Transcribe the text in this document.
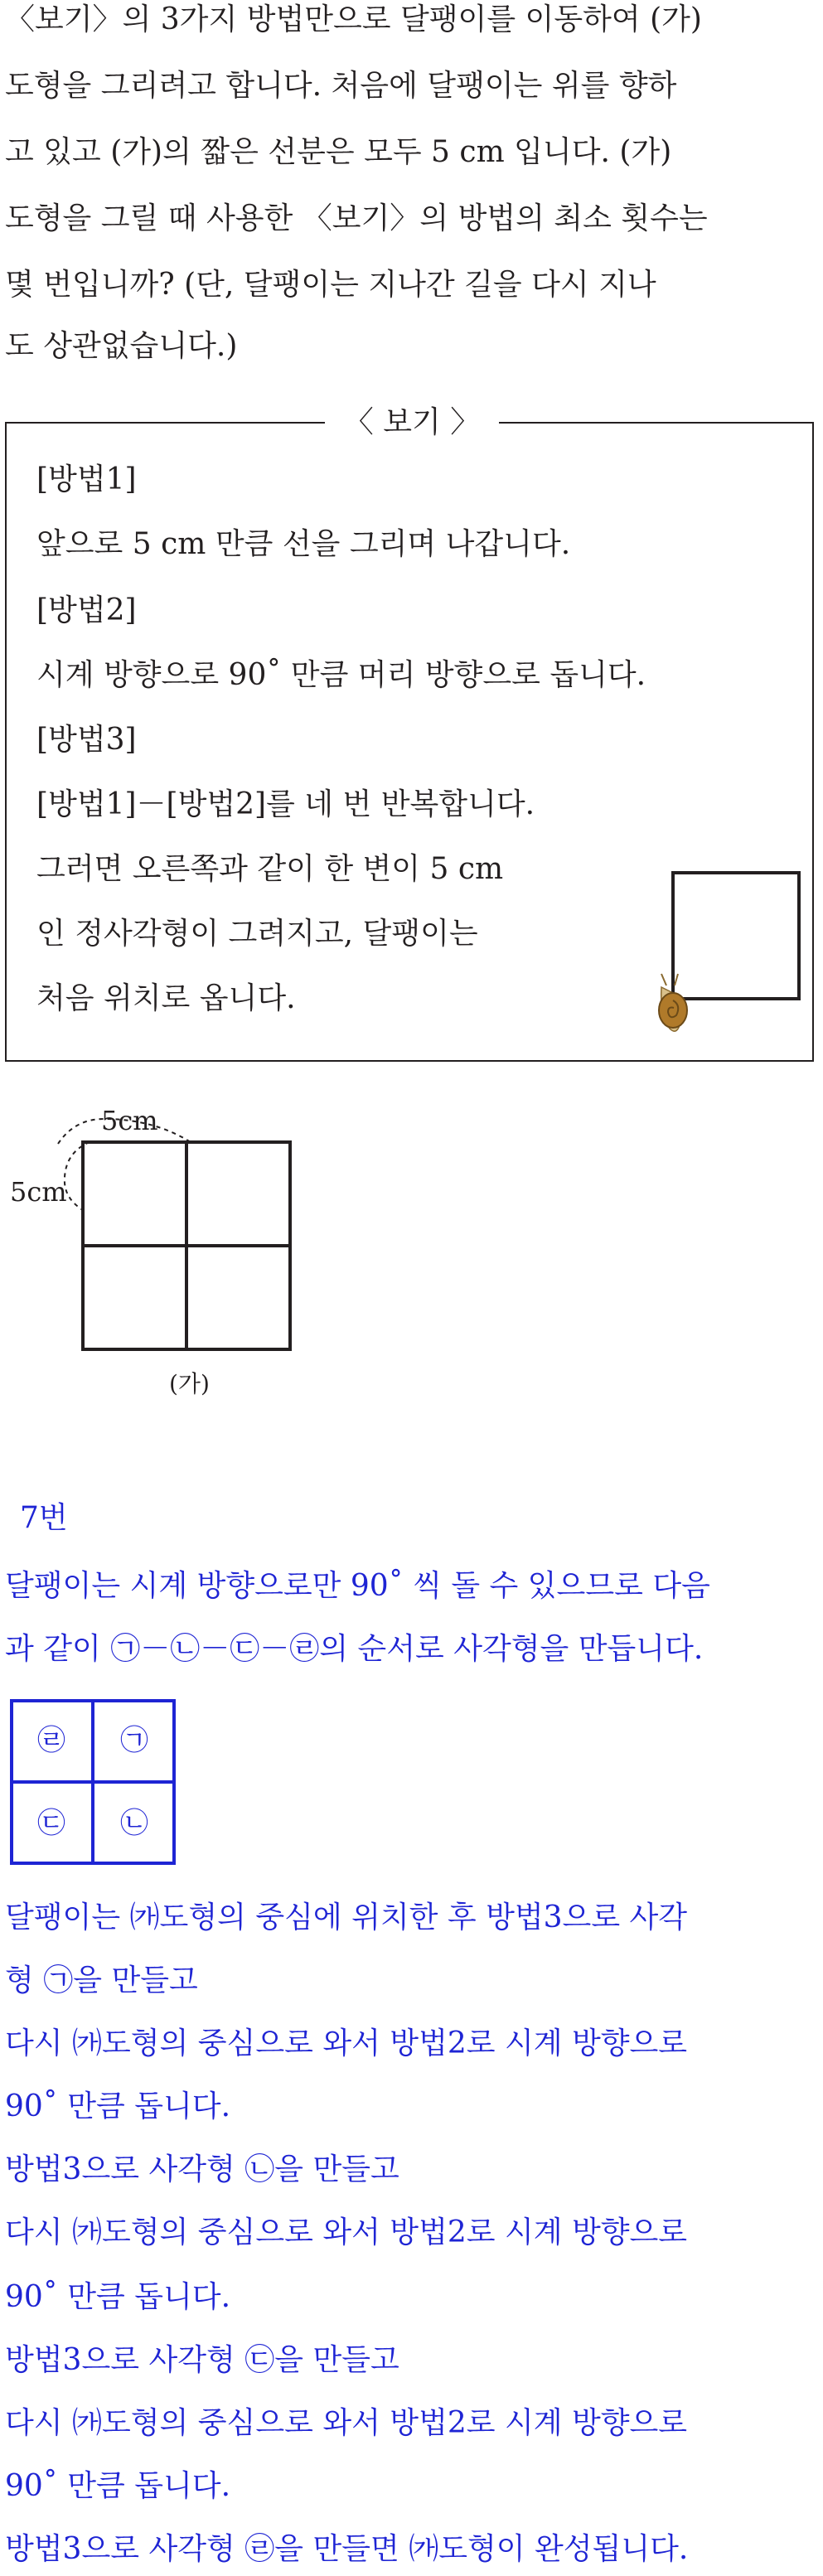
〈보기〉의 3가지 방법만으로 달팽이를 이동하여 (가)
도형을 그리려고 합니다. 처음에 달팽이는 위를 향하
고 있고 (가)의 짧은 선분은 모두 5 cm 입니다. (가)
도형을 그릴 때 사용한 〈보기〉의 방법의 최소 횟수는
몇 번입니까? (단, 달팽이는 지나간 길을 다시 지나
도 상관없습니다.)
[방법1]
앞으로 5 cm 만큼 선을 그리며 나갑니다.
[방법2]
시계 방향으로 90˚ 만큼 머리 방향으로 돕니다.
[방법3]
[방법1]－[방법2]를 네 번 반복합니다.
그러면 오른쪽과 같이 한 변이 5 cm
인 정사각형이 그려지고, 달팽이는
처음 위치로 옵니다.
〈 보기 〉
5cm
5cm
(가)
7번
달팽이는 시계 방향으로만 90˚ 씩 돌 수 있으므로 다음
과 같이 ㉠－㉡－㉢－㉣의 순서로 사각형을 만듭니다.
㉣ ㉠
㉢ ㉡
달팽이는 ㈎도형의 중심에 위치한 후 방법3으로 사각
형 ㉠을 만들고
다시 ㈎도형의 중심으로 와서 방법2로 시계 방향으로
90˚ 만큼 돕니다.
방법3으로 사각형 ㉡을 만들고
다시 ㈎도형의 중심으로 와서 방법2로 시계 방향으로
90˚ 만큼 돕니다.
방법3으로 사각형 ㉢을 만들고
다시 ㈎도형의 중심으로 와서 방법2로 시계 방향으로
90˚ 만큼 돕니다.
방법3으로 사각형 ㉣을 만들면 ㈎도형이 완성됩니다.
